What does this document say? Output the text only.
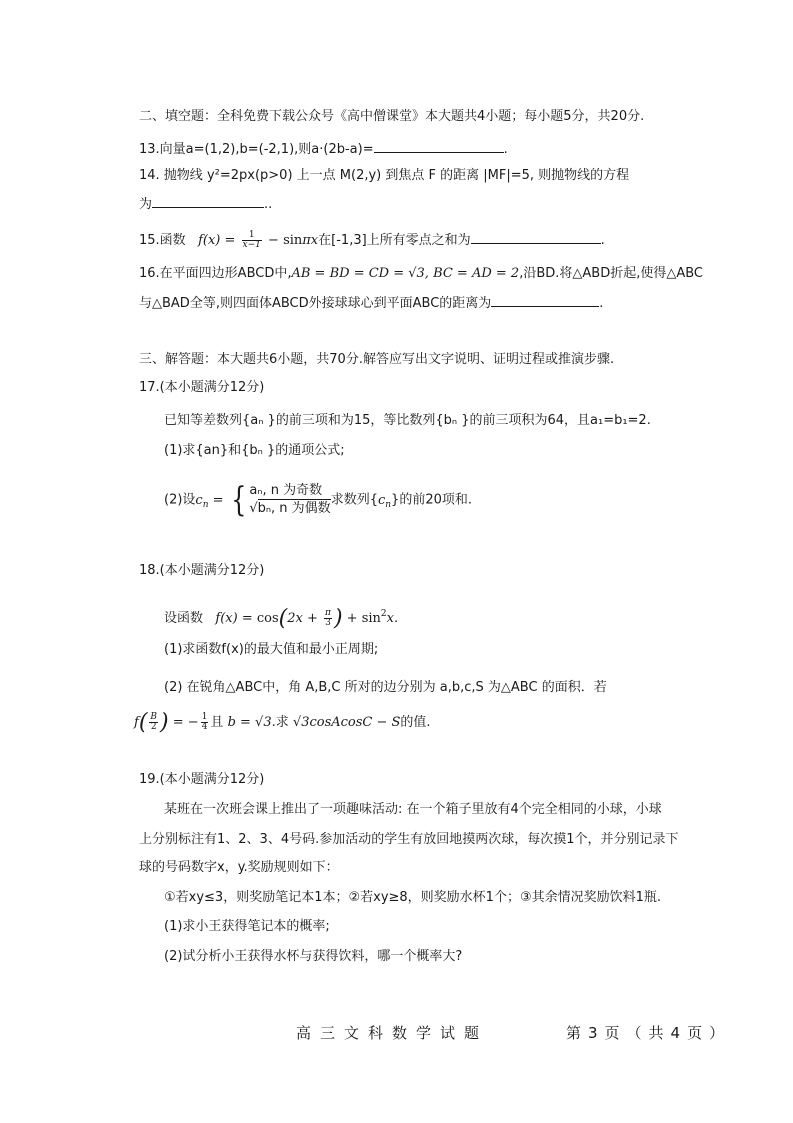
二、填空题：全科免费下载公众号《高中僧课堂》本大题共4小题；每小题5分，共20分.
13.向量a=(1,2),b=(-2,1),则a·(2b-a)=	.
14. 抛物线 y²=2px(p>0) 上一点 M(2,y) 到焦点 F 的距离 |MF|=5, 则抛物线的方程
为	..
15.函数   $f(x) = \frac{1}{x-1} - \sin\pi x$在[-1,3]上所有零点之和为	.
16.在平面四边形ABCD中,AB = BD = CD = √3, BC = AD = 2,沿BD.将△ABD折起,使得△ABC
与△BAD全等,则四面体ABCD外接球球心到平面ABC的距离为	.
三、解答题：本大题共6小题，共70分.解答应写出文字说明、证明过程或推演步骤.
17.(本小题满分12分)
已知等差数列{aₙ }的前三项和为15，等比数列{bₙ }的前三项积为64，且a₁=b₁=2.
(1)求{an}和{bₙ }的通项公式;
(2)设$c_n$ = { aₙ, n 为奇数
√bₙ, n 为偶数
求数列$\{c_n\}$的前20项和.
18.(本小题满分12分)
设函数   $f(x) = \cos(2x + \frac{\pi}{3}$ ) + $\sin^2x$.
(1)求函数f(x)的最大值和最小正周期;
(2) 在锐角△ABC中，角 A,B,C 所对的边分别为 a,b,c,S 为△ABC 的面积．若
$f( \frac{B}{2}$ ) = − $\frac{1}{4}$ 且 b = √3.求 √3cosAcosC − S的值.
19.(本小题满分12分)
某班在一次班会课上推出了一项趣味活动: 在一个箱子里放有4个完全相同的小球，小球
上分别标注有1、2、3、4号码.参加活动的学生有放回地摸两次球，每次摸1个，并分别记录下
球的号码数字x，y.奖励规则如下：
①若xy≤3，则奖励笔记本1本；②若xy≥8，则奖励水杯1个；③其余情况奖励饮料1瓶.
(1)求小王获得笔记本的概率;
(2)试分析小王获得水杯与获得饮料，哪一个概率大?
高三文科数学试题	第3页（共4页）
